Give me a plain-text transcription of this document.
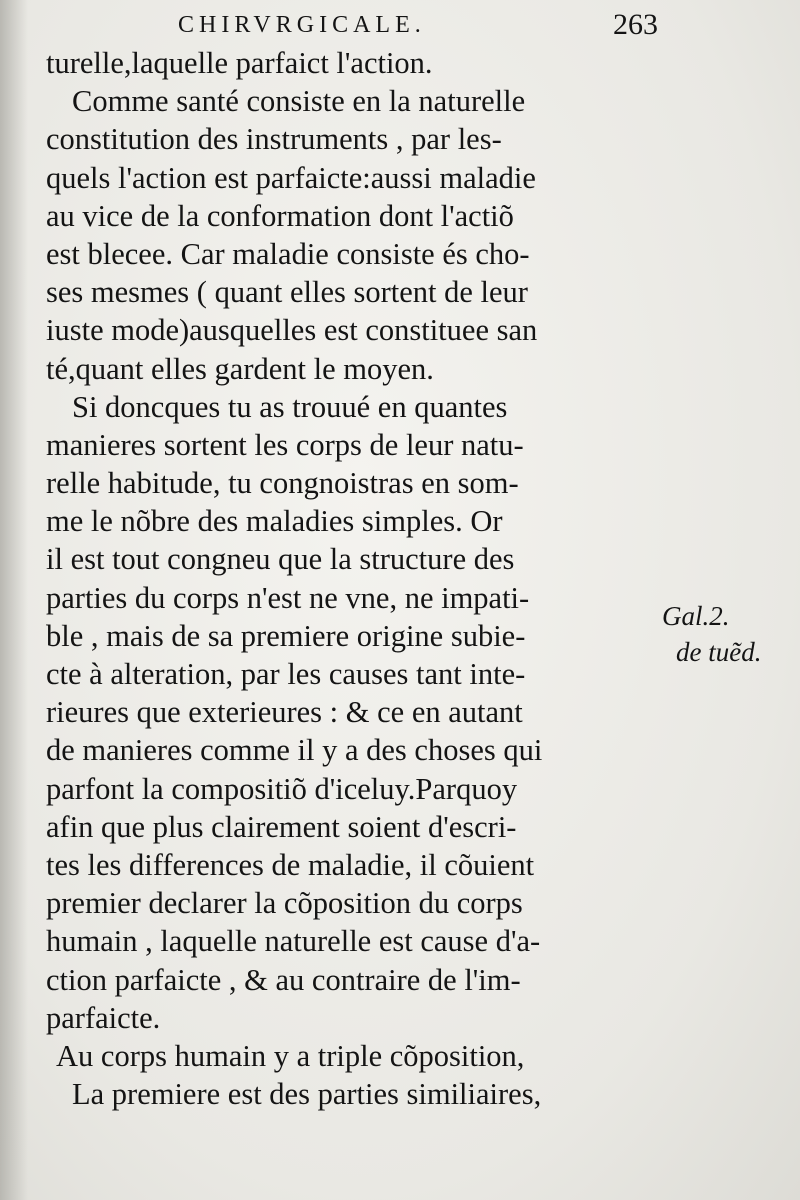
CHIRVRGICALE.	263
turelle,laquelle parfaict l'action.
Comme santé consiste en la naturelle
constitution des instruments , par les-
quels l'action est parfaicte:aussi maladie
au vice de la conformation dont l'actiõ
est blecee. Car maladie consiste és cho-
ses mesmes ( quant elles sortent de leur
iuste mode)ausquelles est constituee san
té,quant elles gardent le moyen.
Si doncques tu as trouué en quantes
manieres sortent les corps de leur natu-
relle habitude, tu congnoistras en som-
me le nõbre des maladies simples. Or
il est tout congneu que la structure des
parties du corps n'est ne vne, ne impati-
ble , mais de sa premiere origine subie-
cte à alteration, par les causes tant inte-
rieures que exterieures : & ce en autant
de manieres comme il y a des choses qui
parfont la compositiõ d'iceluy.Parquoy
afin que plus clairement soient d'escri-
tes les differences de maladie, il cõuient
premier declarer la cõposition du corps
humain , laquelle naturelle est cause d'a-
ction parfaicte , & au contraire de l'im-
parfaicte.
Au corps humain y a triple cõposition,
La premiere est des parties similiaires,
Gal.2.
de tuẽd.
